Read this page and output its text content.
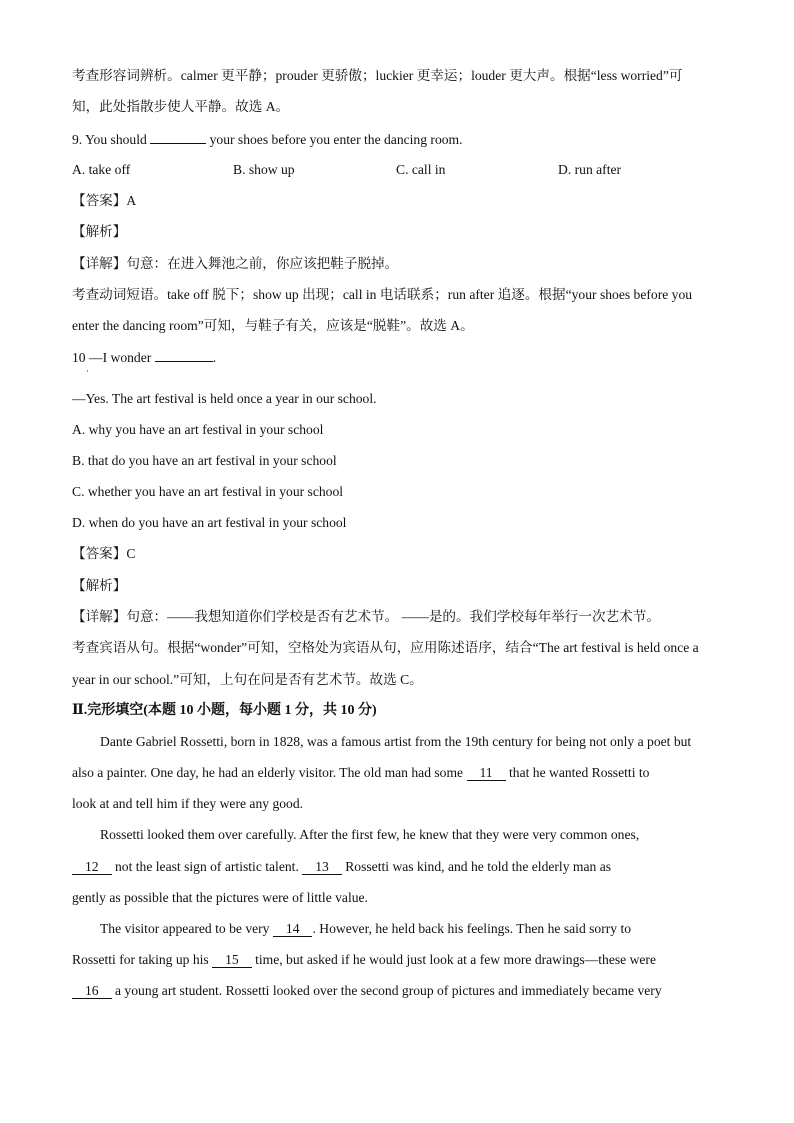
考查形容词辨析。calmer 更平静；prouder 更骄傲；luckier 更幸运；louder 更大声。根据“less worried”可
知，此处指散步使人平静。故选 A。
9. You should	your shoes before you enter the dancing room.
A. take off	B. show up	C. call in	D. run after
【答案】A
【解析】
【详解】句意：在进入舞池之前，你应该把鞋子脱掉。
考查动词短语。take off 脱下；show up 出现；call in 电话联系；run after 追逐。根据“your shoes before you
enter the dancing room”可知，与鞋子有关，应该是“脱鞋”。故选 A。
10 —I wonder	.
·
—Yes. The art festival is held once a year in our school.
A. why you have an art festival in your school
B. that do you have an art festival in your school
C. whether you have an art festival in your school
D. when do you have an art festival in your school
【答案】C
【解析】
【详解】句意：——我想知道你们学校是否有艺术节。 ——是的。我们学校每年举行一次艺术节。
考查宾语从句。根据“wonder”可知，空格处为宾语从句，应用陈述语序，结合“The art festival is held once a
year in our school.”可知，上句在问是否有艺术节。故选 C。
Ⅱ.完形填空(本题 10 小题，每小题 1 分，共 10 分)
Dante Gabriel Rossetti, born in 1828, was a famous artist from the 19th century for being not only a poet but
also a painter. One day, he had an elderly visitor. The old man had some 11 that he wanted Rossetti to
look at and tell him if they were any good.
Rossetti looked them over carefully. After the first few, he knew that they were very common ones,
12 not the least sign of artistic talent. 13 Rossetti was kind, and he told the elderly man as
gently as possible that the pictures were of little value.
The visitor appeared to be very 14 . However, he held back his feelings. Then he said sorry to
Rossetti for taking up his 15 time, but asked if he would just look at a few more drawings—these were
16 a young art student. Rossetti looked over the second group of pictures and immediately became very
